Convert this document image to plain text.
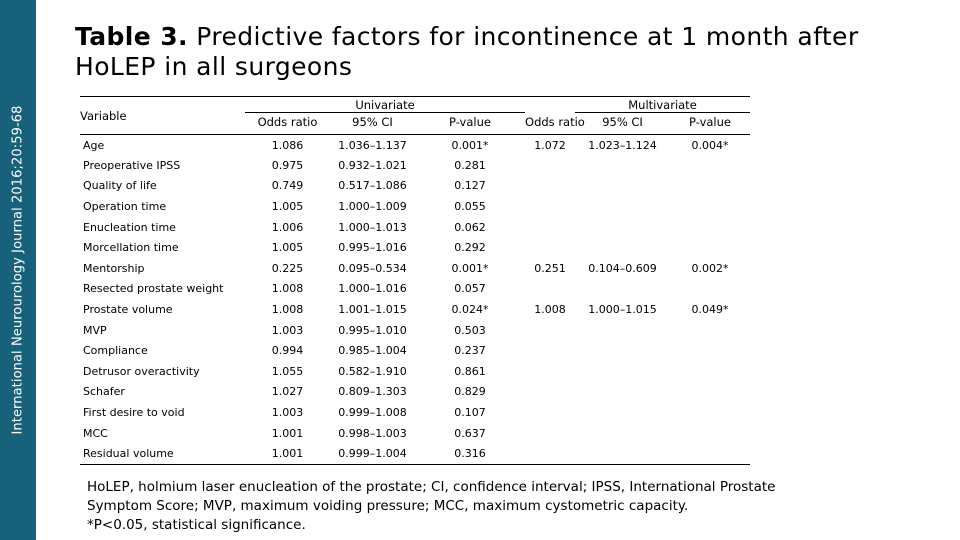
International Neurourology Journal 2016;20:59-68
Table 3. Predictive factors for incontinence at 1 month after HoLEP in all surgeons
Variable	Univariate				Multivariate	
	Odds ratio	95% CI	P-value	Odds ratio	95% CI	P-value
Age	1.086	1.036–1.137	0.001*	1.072	1.023–1.124	0.004*
Preoperative IPSS	0.975	0.932–1.021	0.281			
Quality of life	0.749	0.517–1.086	0.127			
Operation time	1.005	1.000–1.009	0.055			
Enucleation time	1.006	1.000–1.013	0.062			
Morcellation time	1.005	0.995–1.016	0.292			
Mentorship	0.225	0.095–0.534	0.001*	0.251	0.104–0.609	0.002*
Resected prostate weight	1.008	1.000–1.016	0.057			
Prostate volume	1.008	1.001–1.015	0.024*	1.008	1.000–1.015	0.049*
MVP	1.003	0.995–1.010	0.503			
Compliance	0.994	0.985–1.004	0.237			
Detrusor overactivity	1.055	0.582–1.910	0.861			
Schafer	1.027	0.809–1.303	0.829			
First desire to void	1.003	0.999–1.008	0.107			
MCC	1.001	0.998–1.003	0.637			
Residual volume	1.001	0.999–1.004	0.316			

HoLEP, holmium laser enucleation of the prostate; CI, confidence interval; IPSS, International Prostate

Symptom Score; MVP, maximum voiding pressure; MCC, maximum cystometric capacity.

*P<0.05, statistical significance.
